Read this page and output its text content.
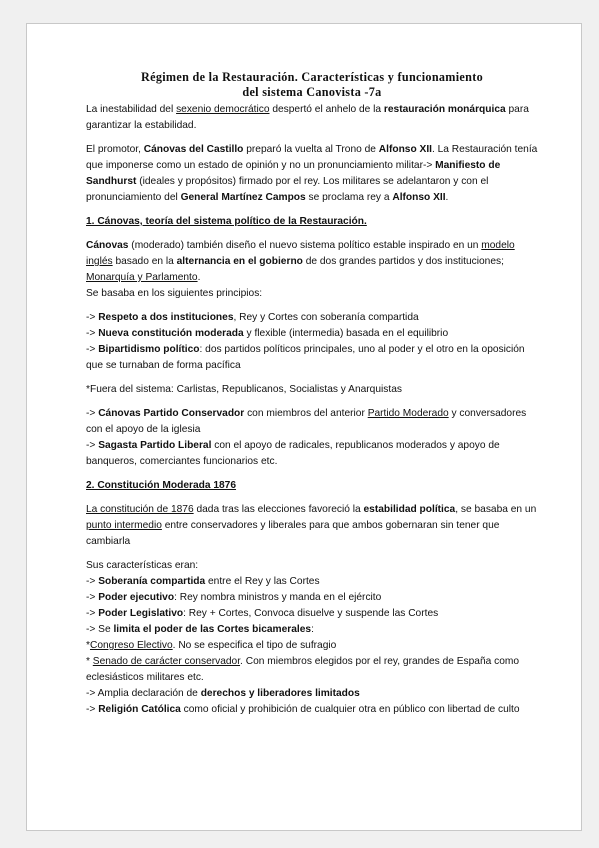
Régimen de la Restauración. Características y funcionamiento
del sistema Canovista -7a

La inestabilidad del sexenio democrático despertó el anhelo de la restauración monárquica para garantizar la estabilidad.

El promotor, Cánovas del Castillo preparó la vuelta al Trono de Alfonso XII. La Restauración tenía que imponerse como un estado de opinión y no un pronunciamiento militar-> Manifiesto de Sandhurst (ideales y propósitos) firmado por el rey. Los militares se adelantaron y con el pronunciamiento del General Martínez Campos se proclama rey a Alfonso XII.

1. Cánovas, teoría del sistema político de la Restauración.

Cánovas (moderado) también diseño el nuevo sistema político estable inspirado en un modelo inglés basado en la alternancia en el gobierno de dos grandes partidos y dos instituciones; Monarquía y Parlamento.

Se basaba en los siguientes principios:

-> Respeto a dos instituciones, Rey y Cortes con soberanía compartida

-> Nueva constitución moderada y flexible (intermedia) basada en el equilibrio

-> Bipartidismo político: dos partidos políticos principales, uno al poder y el otro en la oposición que se turnaban de forma pacífica

*Fuera del sistema: Carlistas, Republicanos, Socialistas y Anarquistas

-> Cánovas Partido Conservador con miembros del anterior Partido Moderado y conversadores con el apoyo de la iglesia

-> Sagasta Partido Liberal con el apoyo de radicales, republicanos moderados y apoyo de banqueros, comerciantes funcionarios etc.

2. Constitución Moderada 1876

La constitución de 1876 dada tras las elecciones favoreció la estabilidad política, se basaba en un punto intermedio entre conservadores y liberales para que ambos gobernaran sin tener que cambiarla

Sus características eran:

-> Soberanía compartida entre el Rey y las Cortes

-> Poder ejecutivo: Rey nombra ministros y manda en el ejército

-> Poder Legislativo: Rey + Cortes, Convoca disuelve y suspende las Cortes

-> Se limita el poder de las Cortes bicamerales:

*Congreso Electivo. No se especifica el tipo de sufragio

* Senado de carácter conservador. Con miembros elegidos por el rey, grandes de España como eclesiásticos militares etc.

-> Amplia declaración de derechos y liberadores limitados

-> Religión Católica como oficial y prohibición de cualquier otra en público con libertad de culto
